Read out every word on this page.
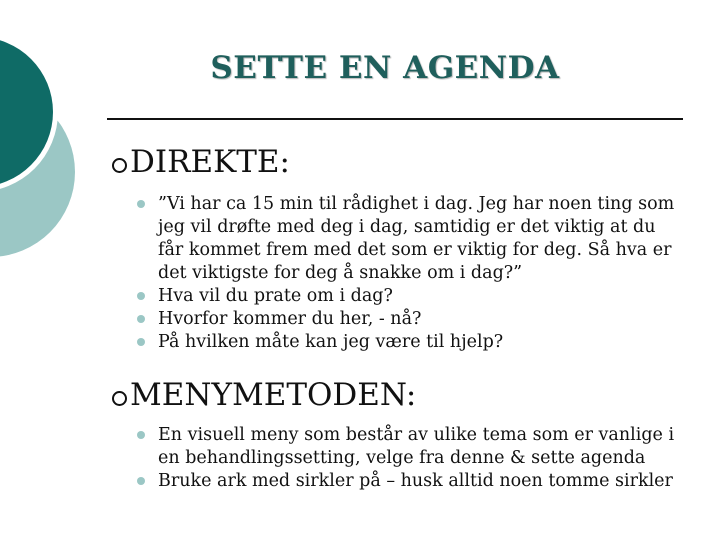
SETTE EN AGENDA
DIREKTE:
”Vi har ca 15 min til rådighet i dag. Jeg har noen ting som jeg vil drøfte med deg i dag, samtidig er det viktig at du får kommet frem med det som er viktig for deg. Så hva er det viktigste for deg å snakke om i dag?”
Hva vil du prate om i dag?
Hvorfor kommer du her, - nå?
På hvilken måte kan jeg være til hjelp?
MENYMETODEN:
En visuell meny som består av ulike tema som er vanlige i en behandlingssetting, velge fra denne & sette agenda
Bruke ark med sirkler på – husk alltid noen tomme sirkler
